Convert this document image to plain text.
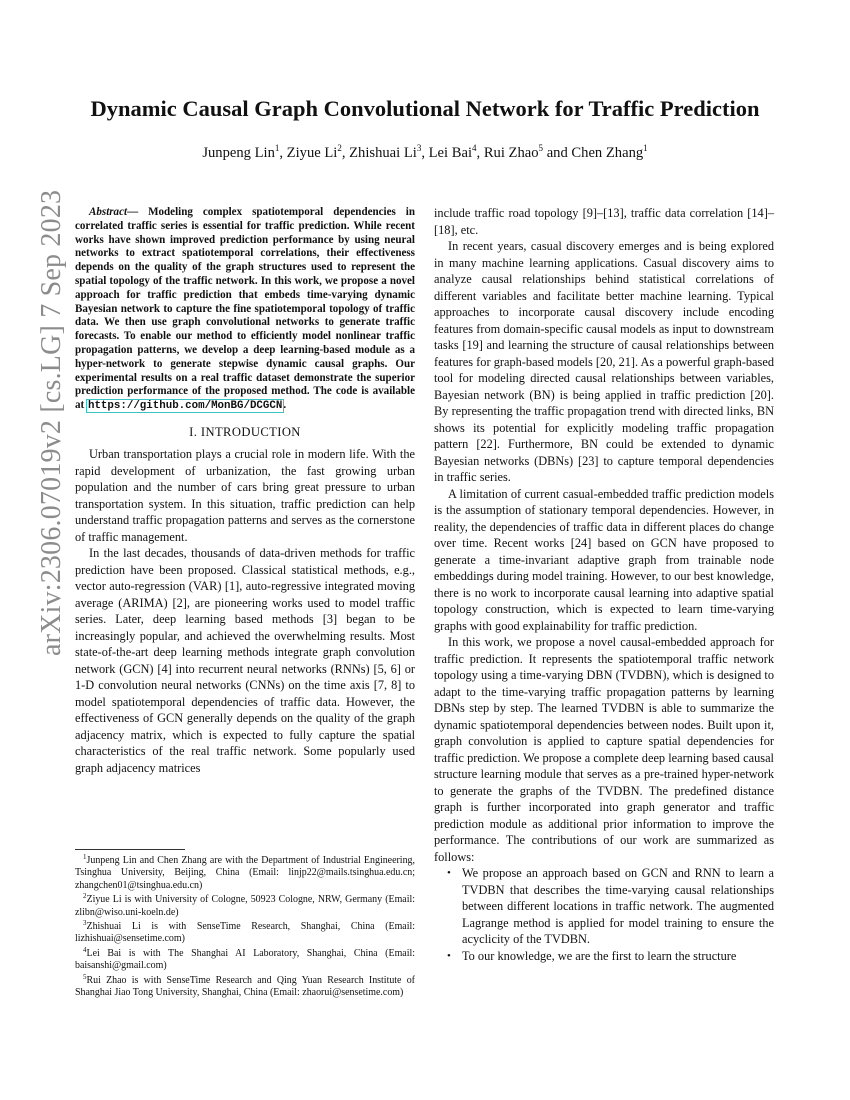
arXiv:2306.07019v2 [cs.LG] 7 Sep 2023
Dynamic Causal Graph Convolutional Network for Traffic Prediction
Junpeng Lin$^1$, Ziyue Li$^2$, Zhishuai Li$^3$, Lei Bai$^4$, Rui Zhao$^5$ and Chen Zhang$^1$

Abstract— Modeling complex spatiotemporal dependencies in correlated traffic series is essential for traffic prediction. While recent works have shown improved prediction performance by using neural networks to extract spatiotemporal correlations, their effectiveness depends on the quality of the graph structures used to represent the spatial topology of the traffic network. In this work, we propose a novel approach for traffic prediction that embeds time-varying dynamic Bayesian network to capture the fine spatiotemporal topology of traffic data. We then use graph convolutional networks to generate traffic forecasts. To enable our method to efficiently model nonlinear traffic propagation patterns, we develop a deep learning-based module as a hyper-network to generate stepwise dynamic causal graphs. Our experimental results on a real traffic dataset demonstrate the superior prediction performance of the proposed method. The code is available at https://github.com/MonBG/DCGCN.

I. INTRODUCTION

Urban transportation plays a crucial role in modern life. With the rapid development of urbanization, the fast growing urban population and the number of cars bring great pressure to urban transportation system. In this situation, traffic prediction can help understand traffic propagation patterns and serves as the cornerstone of traffic management.

In the last decades, thousands of data-driven methods for traffic prediction have been proposed. Classical statistical methods, e.g., vector auto-regression (VAR) [1], auto-regressive integrated moving average (ARIMA) [2], are pioneering works used to model traffic series. Later, deep learning based methods [3] began to be increasingly popular, and achieved the overwhelming results. Most state-of-the-art deep learning methods integrate graph convolution network (GCN) [4] into recurrent neural networks (RNNs) [5, 6] or 1-D convolution neural networks (CNNs) on the time axis [7, 8] to model spatiotemporal dependencies of traffic data. However, the effectiveness of GCN generally depends on the quality of the graph adjacency matrix, which is expected to fully capture the spatial characteristics of the real traffic network. Some popularly used graph adjacency matrices

$^1$Junpeng Lin and Chen Zhang are with the Department of Industrial Engineering, Tsinghua University, Beijing, China (Email: linjp22@mails.tsinghua.edu.cn; zhangchen01@tsinghua.edu.cn)

$^2$Ziyue Li is with University of Cologne, 50923 Cologne, NRW, Germany (Email: zlibn@wiso.uni-koeln.de)

$^3$Zhishuai Li is with SenseTime Research, Shanghai, China (Email: lizhishuai@sensetime.com)

$^4$Lei Bai is with The Shanghai AI Laboratory, Shanghai, China (Email: baisanshi@gmail.com)

$^5$Rui Zhao is with SenseTime Research and Qing Yuan Research Institute of Shanghai Jiao Tong University, Shanghai, China (Email: zhaorui@sensetime.com)

include traffic road topology [9]–[13], traffic data correlation [14]–[18], etc.

In recent years, casual discovery emerges and is being explored in many machine learning applications. Casual discovery aims to analyze causal relationships behind statistical correlations of different variables and facilitate better machine learning. Typical approaches to incorporate causal discovery include encoding features from domain-specific causal models as input to downstream tasks [19] and learning the structure of causal relationships between features for graph-based models [20, 21]. As a powerful graph-based tool for modeling directed causal relationships between variables, Bayesian network (BN) is being applied in traffic prediction [20]. By representing the traffic propagation trend with directed links, BN shows its potential for explicitly modeling traffic propagation pattern [22]. Furthermore, BN could be extended to dynamic Bayesian networks (DBNs) [23] to capture temporal dependencies in traffic series.

A limitation of current casual-embedded traffic prediction models is the assumption of stationary temporal dependencies. However, in reality, the dependencies of traffic data in different places do change over time. Recent works [24] based on GCN have proposed to generate a time-invariant adaptive graph from trainable node embeddings during model training. However, to our best knowledge, there is no work to incorporate causal learning into adaptive spatial topology construction, which is expected to learn time-varying graphs with good explainability for traffic prediction.

In this work, we propose a novel causal-embedded approach for traffic prediction. It represents the spatiotemporal traffic network topology using a time-varying DBN (TVDBN), which is designed to adapt to the time-varying traffic propagation patterns by learning DBNs step by step. The learned TVDBN is able to summarize the dynamic spatiotemporal dependencies between nodes. Built upon it, graph convolution is applied to capture spatial dependencies for traffic prediction. We propose a complete deep learning based causal structure learning module that serves as a pre-trained hyper-network to generate the graphs of the TVDBN. The predefined distance graph is further incorporated into graph generator and traffic prediction module as additional prior information to improve the performance. The contributions of our work are summarized as follows:

• We propose an approach based on GCN and RNN to learn a TVDBN that describes the time-varying causal relationships between different locations in traffic network. The augmented Lagrange method is applied for model training to ensure the acyclicity of the TVDBN.
• To our knowledge, we are the first to learn the structure
